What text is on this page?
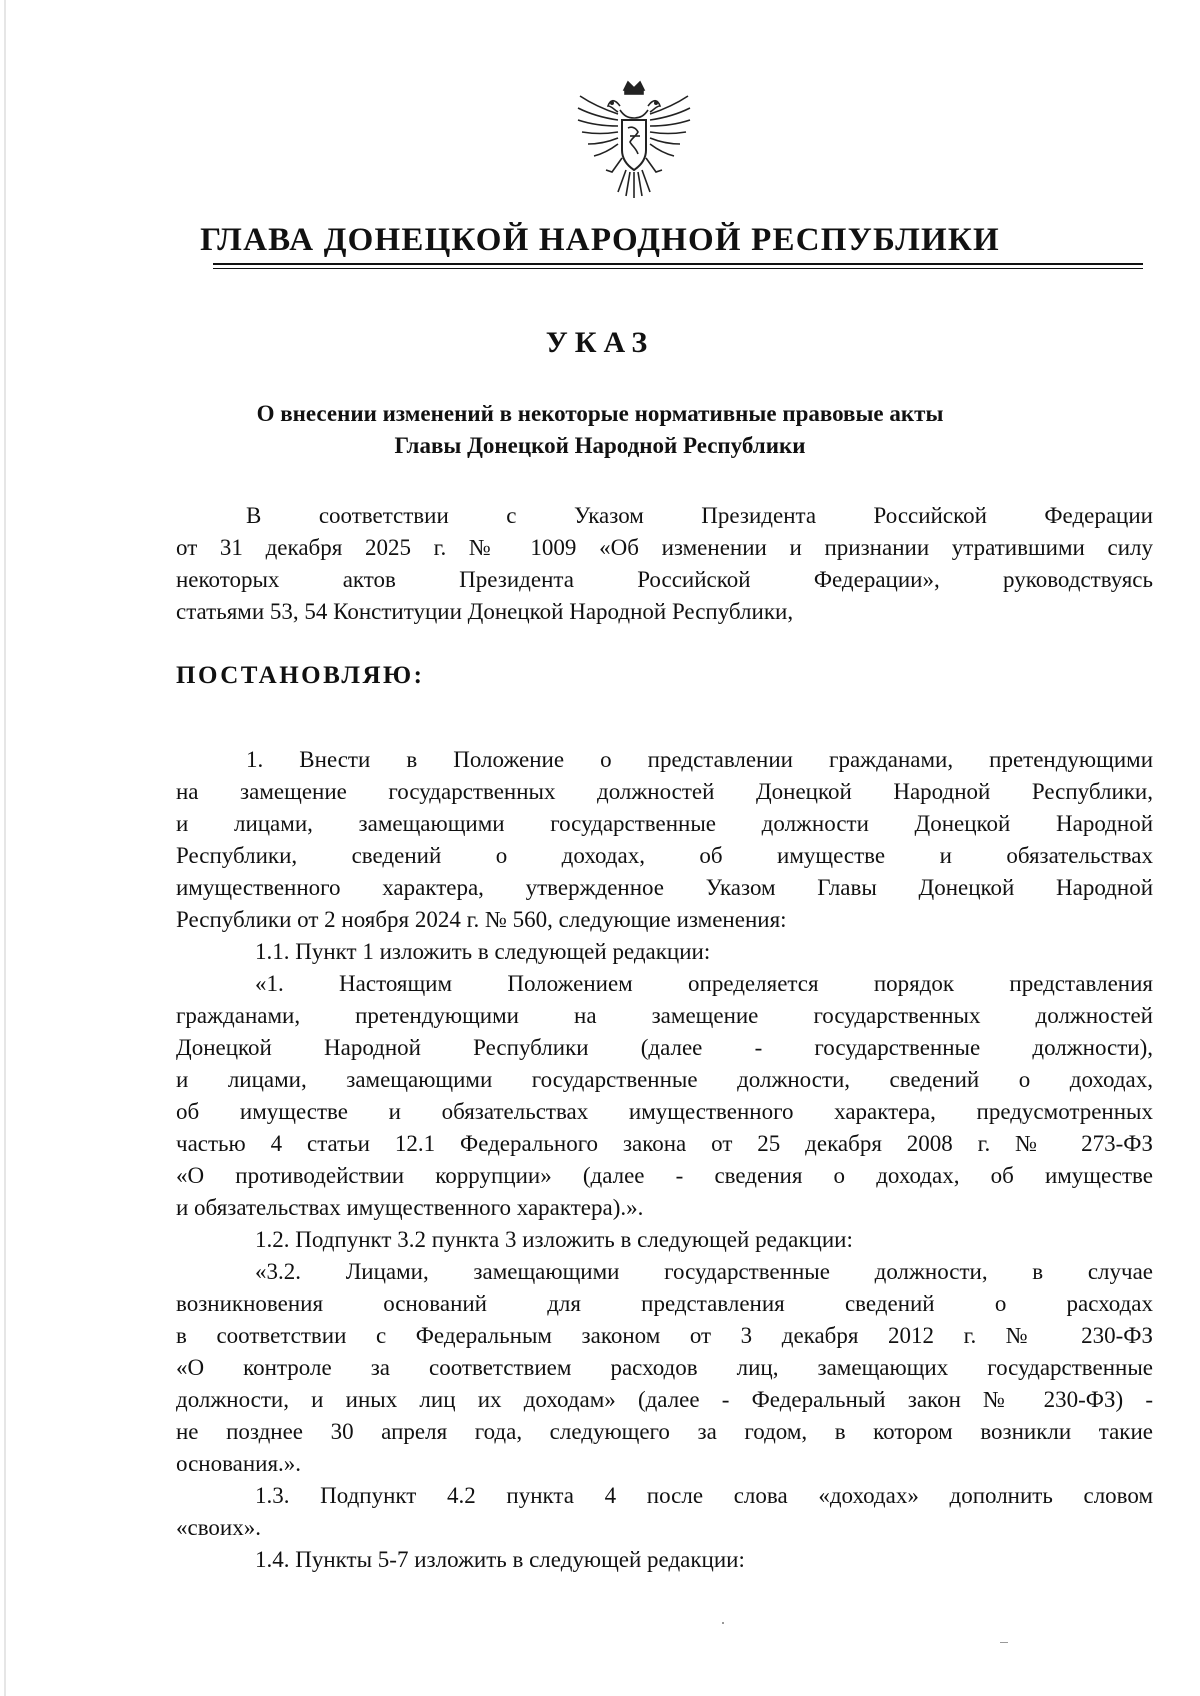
ГЛАВА ДОНЕЦКОЙ НАРОДНОЙ РЕСПУБЛИКИ
УКАЗ
О внесении изменений в некоторые нормативные правовые акты
Главы Донецкой Народной Республики
В соответствии с Указом Президента Российской Федерации
от 31 декабря 2025 г. № 1009 «Об изменении и признании утратившими силу
некоторых актов Президента Российской Федерации», руководствуясь
статьями 53, 54 Конституции Донецкой Народной Республики,
ПОСТАНОВЛЯЮ:
1. Внести в Положение о представлении гражданами, претендующими
на замещение государственных должностей Донецкой Народной Республики,
и лицами, замещающими государственные должности Донецкой Народной
Республики, сведений о доходах, об имуществе и обязательствах
имущественного характера, утвержденное Указом Главы Донецкой Народной
Республики от 2 ноября 2024 г. № 560, следующие изменения:
1.1. Пункт 1 изложить в следующей редакции:
«1. Настоящим Положением определяется порядок представления
гражданами, претендующими на замещение государственных должностей
Донецкой Народной Республики (далее - государственные должности),
и лицами, замещающими государственные должности, сведений о доходах,
об имуществе и обязательствах имущественного характера, предусмотренных
частью 4 статьи 12.1 Федерального закона от 25 декабря 2008 г. № 273-ФЗ
«О противодействии коррупции» (далее - сведения о доходах, об имуществе
и обязательствах имущественного характера).».
1.2. Подпункт 3.2 пункта 3 изложить в следующей редакции:
«3.2. Лицами, замещающими государственные должности, в случае
возникновения оснований для представления сведений о расходах
в соответствии с Федеральным законом от 3 декабря 2012 г. № 230-ФЗ
«О контроле за соответствием расходов лиц, замещающих государственные
должности, и иных лиц их доходам» (далее - Федеральный закон № 230-ФЗ) -
не позднее 30 апреля года, следующего за годом, в котором возникли такие
основания.».
1.3. Подпункт 4.2 пункта 4 после слова «доходах» дополнить словом
«своих».
1.4. Пункты 5-7 изложить в следующей редакции:
